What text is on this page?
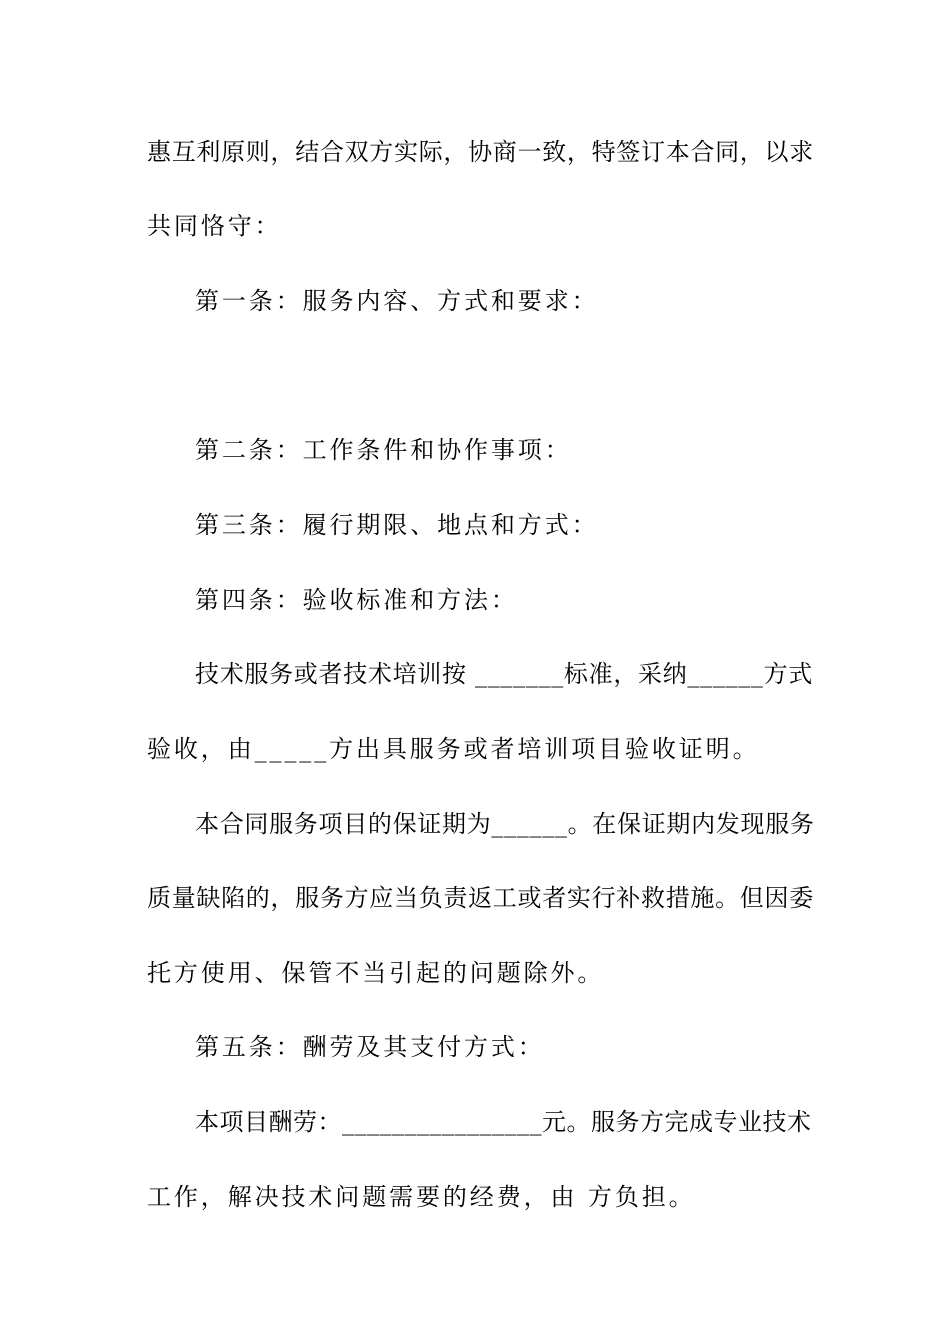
惠互利原则，结合双方实际，协商一致，特签订本合同，以求
共同恪守：
第一条：服务内容、方式和要求：
第二条：工作条件和协作事项：
第三条：履行期限、地点和方式：
第四条：验收标准和方法：
技术服务或者技术培训按 _______标准，采纳______方式
验收，由_____方出具服务或者培训项目验收证明。
本合同服务项目的保证期为______。在保证期内发现服务
质量缺陷的，服务方应当负责返工或者实行补救措施。但因委
托方使用、保管不当引起的问题除外。
第五条：酬劳及其支付方式：
本项目酬劳：________________元。服务方完成专业技术
工作，解决技术问题需要的经费，由 方负担。
